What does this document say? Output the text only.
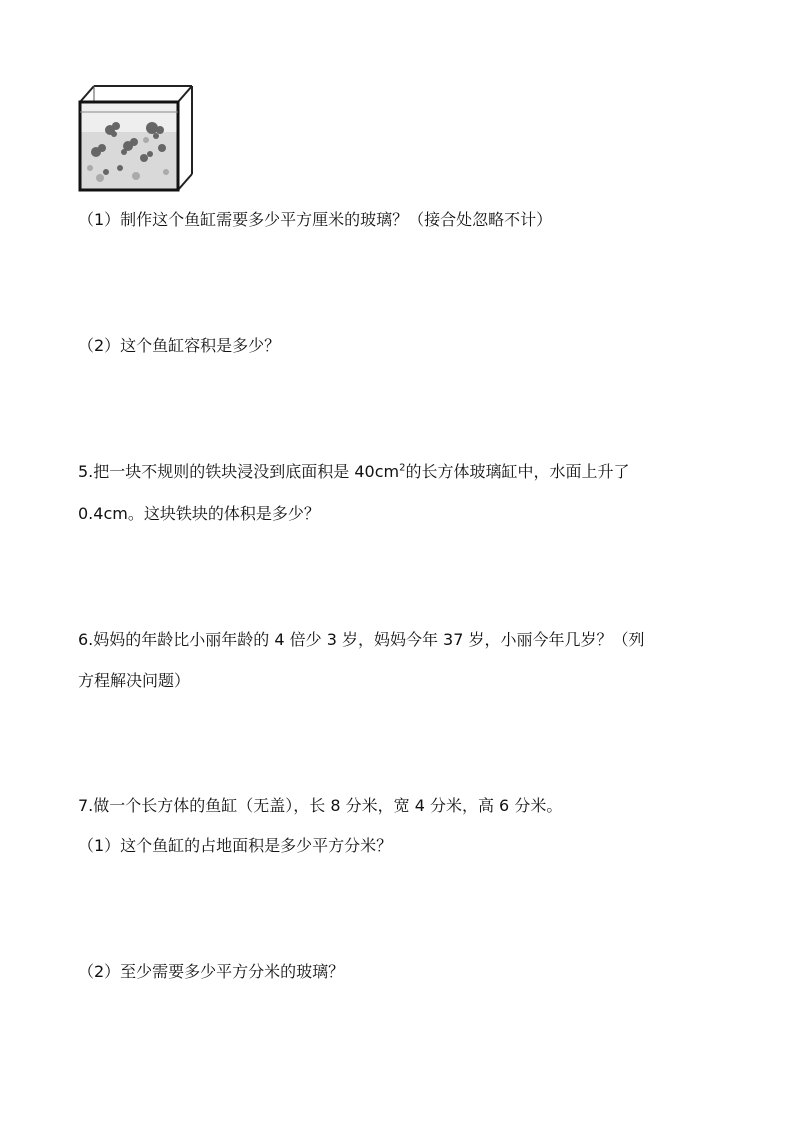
（1）制作这个鱼缸需要多少平方厘米的玻璃？（接合处忽略不计）
（2）这个鱼缸容积是多少？
5.把一块不规则的铁块浸没到底面积是 $40cm^2$的长方体玻璃缸中，水面上升了
0.4cm。这块铁块的体积是多少？
6.妈妈的年龄比小丽年龄的 4 倍少 3 岁，妈妈今年 37 岁，小丽今年几岁？（列
方程解决问题）
7.做一个长方体的鱼缸（无盖），长 8 分米，宽 4 分米，高 6 分米。
（1）这个鱼缸的占地面积是多少平方分米？
（2）至少需要多少平方分米的玻璃？
